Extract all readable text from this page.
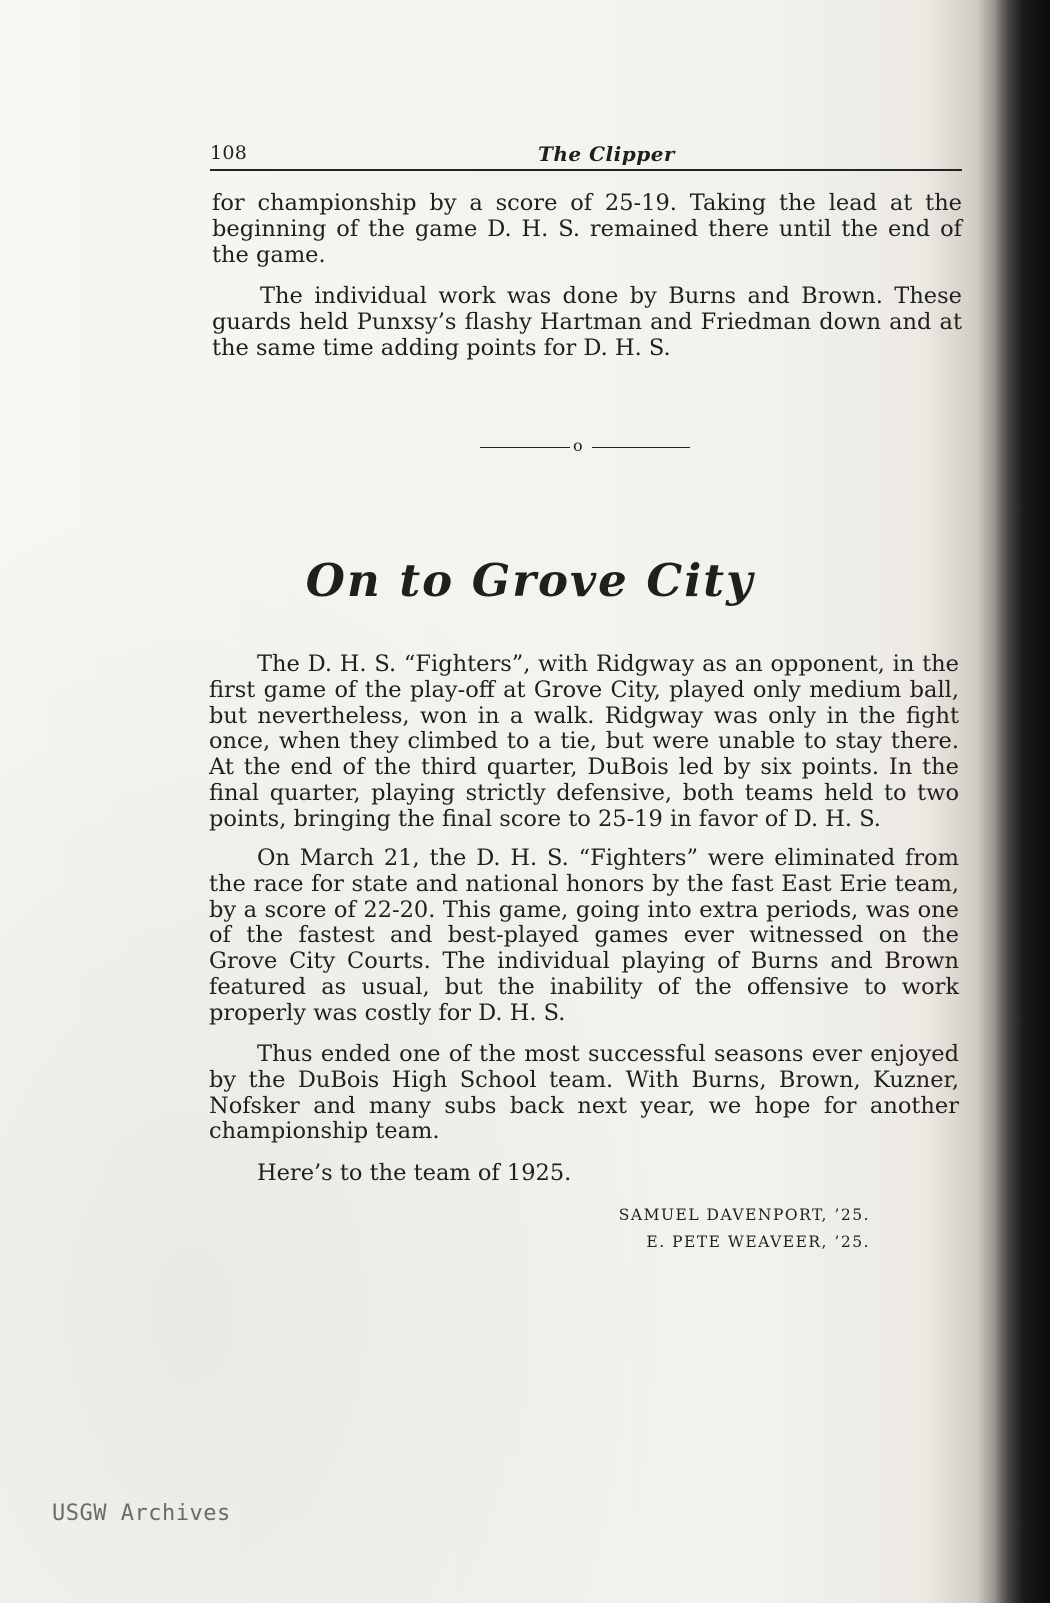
108	The Clipper

for championship by a score of 25-19. Taking the lead at the beginning of the game D. H. S. remained there until the end of the game.

The individual work was done by Burns and Brown. These guards held Punxsy’s flashy Hartman and Friedman down and at the same time adding points for D. H. S.

o
On to Grove City

The D. H. S. “Fighters”, with Ridgway as an opponent, in the first game of the play-off at Grove City, played only medium ball, but nevertheless, won in a walk. Ridgway was only in the fight once, when they climbed to a tie, but were unable to stay there. At the end of the third quarter, DuBois led by six points. In the final quarter, playing strictly defensive, both teams held to two points, bringing the final score to 25-19 in favor of D. H. S.

On March 21, the D. H. S. “Fighters” were eliminated from the race for state and national honors by the fast East Erie team, by a score of 22-20. This game, going into extra periods, was one of the fastest and best-played games ever witnessed on the Grove City Courts. The individual playing of Burns and Brown featured as usual, but the inability of the offensive to work properly was costly for D. H. S.

Thus ended one of the most successful seasons ever enjoyed by the DuBois High School team. With Burns, Brown, Kuzner, Nofsker and many subs back next year, we hope for another championship team.

Here’s to the team of 1925.

SAMUEL DAVENPORT, ’25.
E. PETE WEAVEER, ’25.
USGW Archives
